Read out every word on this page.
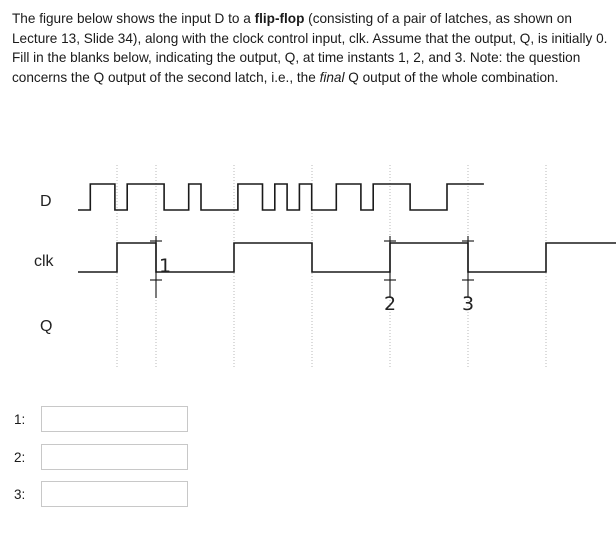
The figure below shows the input D to a flip-flop (consisting of a pair of latches, as shown on Lecture 13, Slide 34), along with the clock control input, clk. Assume that the output, Q, is initially 0. Fill in the blanks below, indicating the output, Q, at time instants 1, 2, and 3. Note: the question concerns the Q output of the second latch, i.e., the final Q output of the whole combination.

D
clk
Q
1
2	3
1:
2:
3:
